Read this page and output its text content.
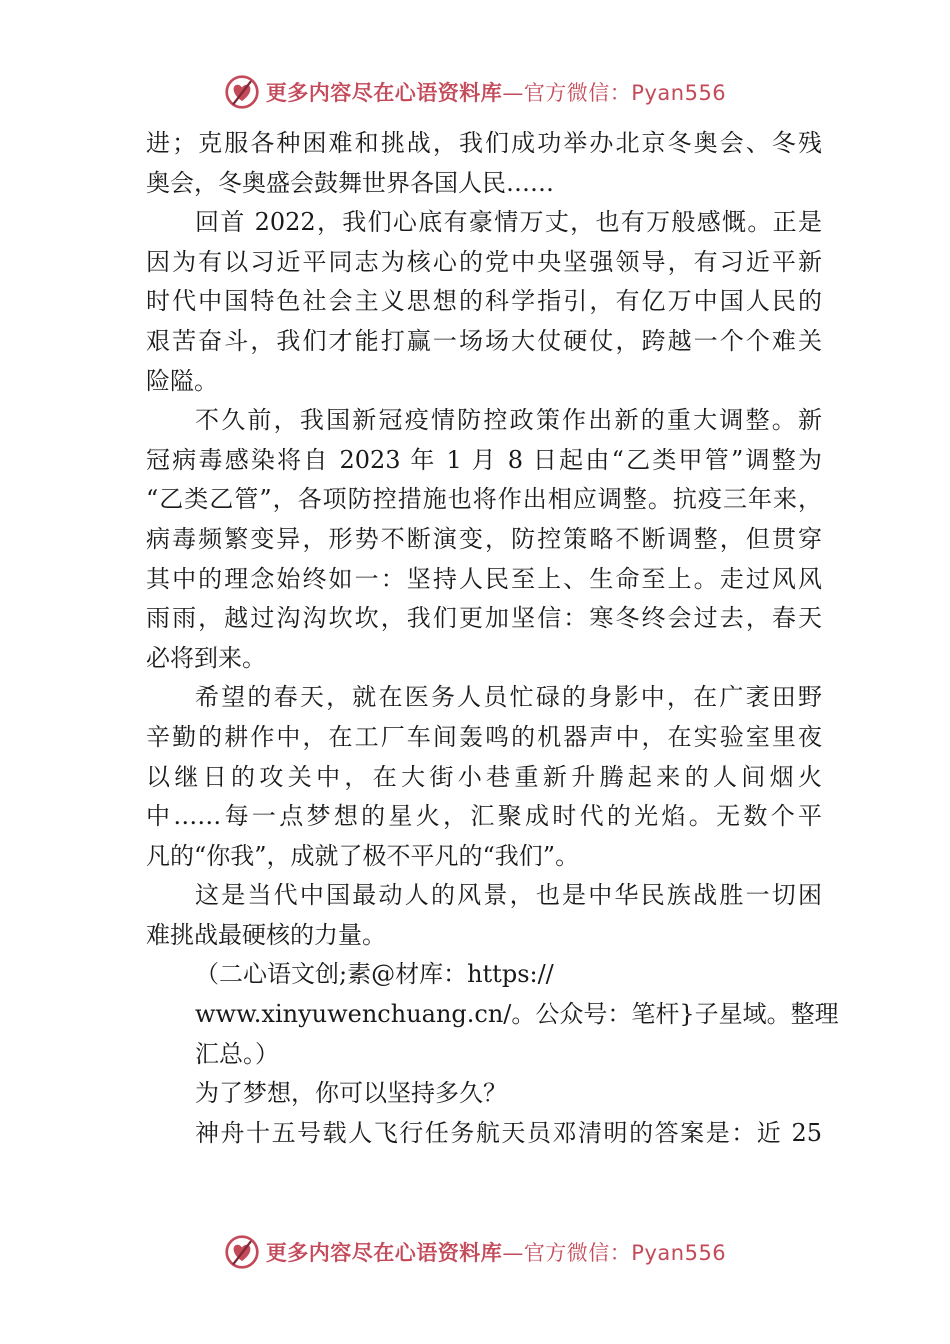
更多内容尽在心语资料库—官方微信：Pyan556
进；克服各种困难和挑战，我们成功举办北京冬奥会、冬残
奥会，冬奥盛会鼓舞世界各国人民……
回首 2022，我们心底有豪情万丈，也有万般感慨。正是
因为有以习近平同志为核心的党中央坚强领导，有习近平新
时代中国特色社会主义思想的科学指引，有亿万中国人民的
艰苦奋斗，我们才能打赢一场场大仗硬仗，跨越一个个难关
险隘。
不久前，我国新冠疫情防控政策作出新的重大调整。新
冠病毒感染将自 2023 年 1 月 8 日起由“乙类甲管”调整为
“乙类乙管”，各项防控措施也将作出相应调整。抗疫三年来，
病毒频繁变异，形势不断演变，防控策略不断调整，但贯穿
其中的理念始终如一：坚持人民至上、生命至上。走过风风
雨雨，越过沟沟坎坎，我们更加坚信：寒冬终会过去，春天
必将到来。
希望的春天，就在医务人员忙碌的身影中，在广袤田野
辛勤的耕作中，在工厂车间轰鸣的机器声中，在实验室里夜
以继日的攻关中，在大街小巷重新升腾起来的人间烟火
中……每一点梦想的星火，汇聚成时代的光焰。无数个平
凡的“你我”，成就了极不平凡的“我们”。
这是当代中国最动人的风景，也是中华民族战胜一切困
难挑战最硬核的力量。
（二心语文创;素@材库：https://
www.xinyuwenchuang.cn/。公众号：笔杆}子星域。整理
汇总。）
为了梦想，你可以坚持多久？
神舟十五号载人飞行任务航天员邓清明的答案是：近 25
更多内容尽在心语资料库—官方微信：Pyan556
